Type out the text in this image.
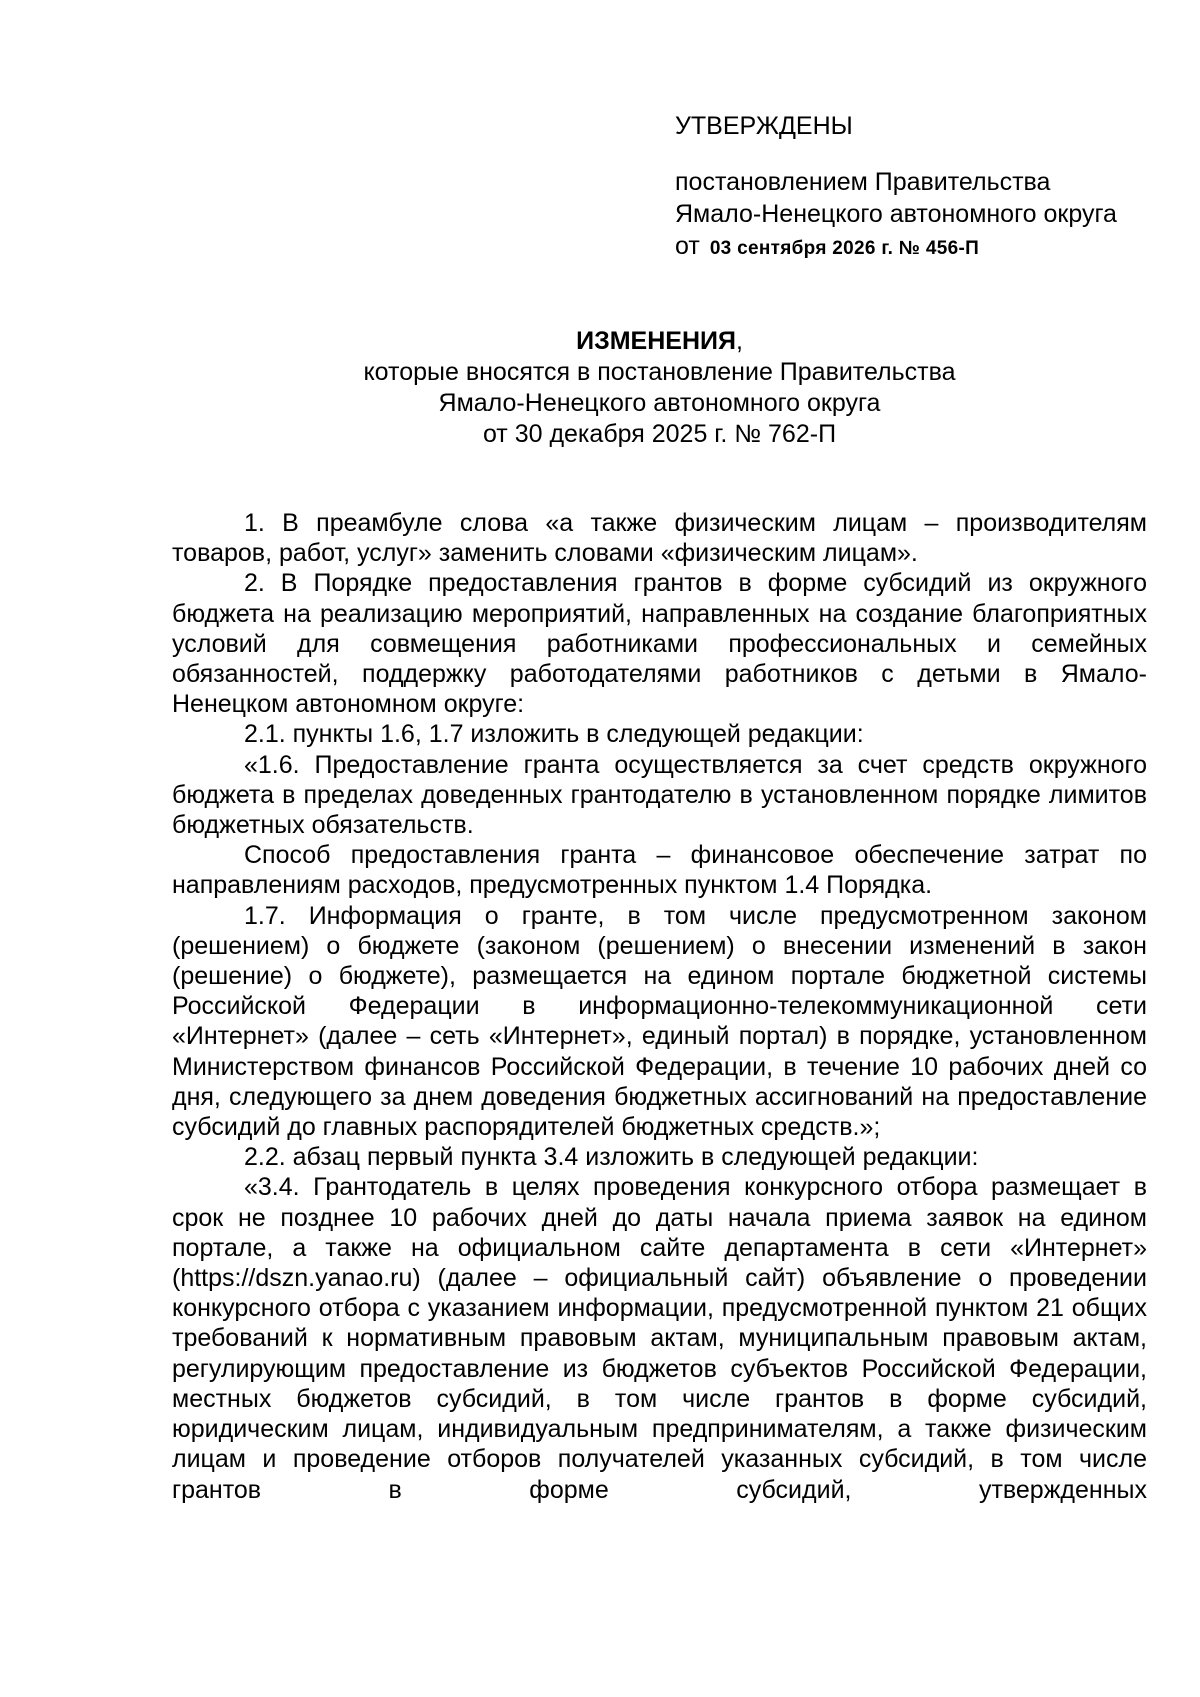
УТВЕРЖДЕНЫ
постановлением Правительства
Ямало-Ненецкого автономного округа
от 03 сентября 2026 г. № 456-П
ИЗМЕНЕНИЯ,
которые вносятся в постановление Правительства
Ямало-Ненецкого автономного округа
от 30 декабря 2025 г. № 762-П

1. В преамбуле слова «а также физическим лицам – производителям товаров, работ, услуг» заменить словами «физическим лицам».

2. В Порядке предоставления грантов в форме субсидий из окружного бюджета на реализацию мероприятий, направленных на создание благоприятных условий для совмещения работниками профессиональных и семейных обязанностей, поддержку работодателями работников с детьми в Ямало-Ненецком автономном округе:

2.1. пункты 1.6, 1.7 изложить в следующей редакции:

«1.6. Предоставление гранта осуществляется за счет средств окружного бюджета в пределах доведенных грантодателю в установленном порядке лимитов бюджетных обязательств.

Способ предоставления гранта – финансовое обеспечение затрат по направлениям расходов, предусмотренных пунктом 1.4 Порядка.

1.7. Информация о гранте, в том числе предусмотренном законом (решением) о бюджете (законом (решением) о внесении изменений в закон (решение) о бюджете), размещается на едином портале бюджетной системы Российской Федерации в информационно-телекоммуникационной сети «Интернет» (далее – сеть «Интернет», единый портал) в порядке, установленном Министерством финансов Российской Федерации, в течение 10 рабочих дней со дня, следующего за днем доведения бюджетных ассигнований на предоставление субсидий до главных распорядителей бюджетных средств.»;

2.2. абзац первый пункта 3.4 изложить в следующей редакции:

«3.4. Грантодатель в целях проведения конкурсного отбора размещает в срок не позднее 10 рабочих дней до даты начала приема заявок на едином портале, а также на официальном сайте департамента в сети «Интернет» (https://dszn.yanao.ru) (далее – официальный сайт) объявление о проведении конкурсного отбора с указанием информации, предусмотренной пунктом 21 общих требований к нормативным правовым актам, муниципальным правовым актам, регулирующим предоставление из бюджетов субъектов Российской Федерации, местных бюджетов субсидий, в том числе грантов в форме субсидий, юридическим лицам, индивидуальным предпринимателям, а также физическим лицам и проведение отборов получателей указанных субсидий, в том числе грантов в форме субсидий, утвержденных
